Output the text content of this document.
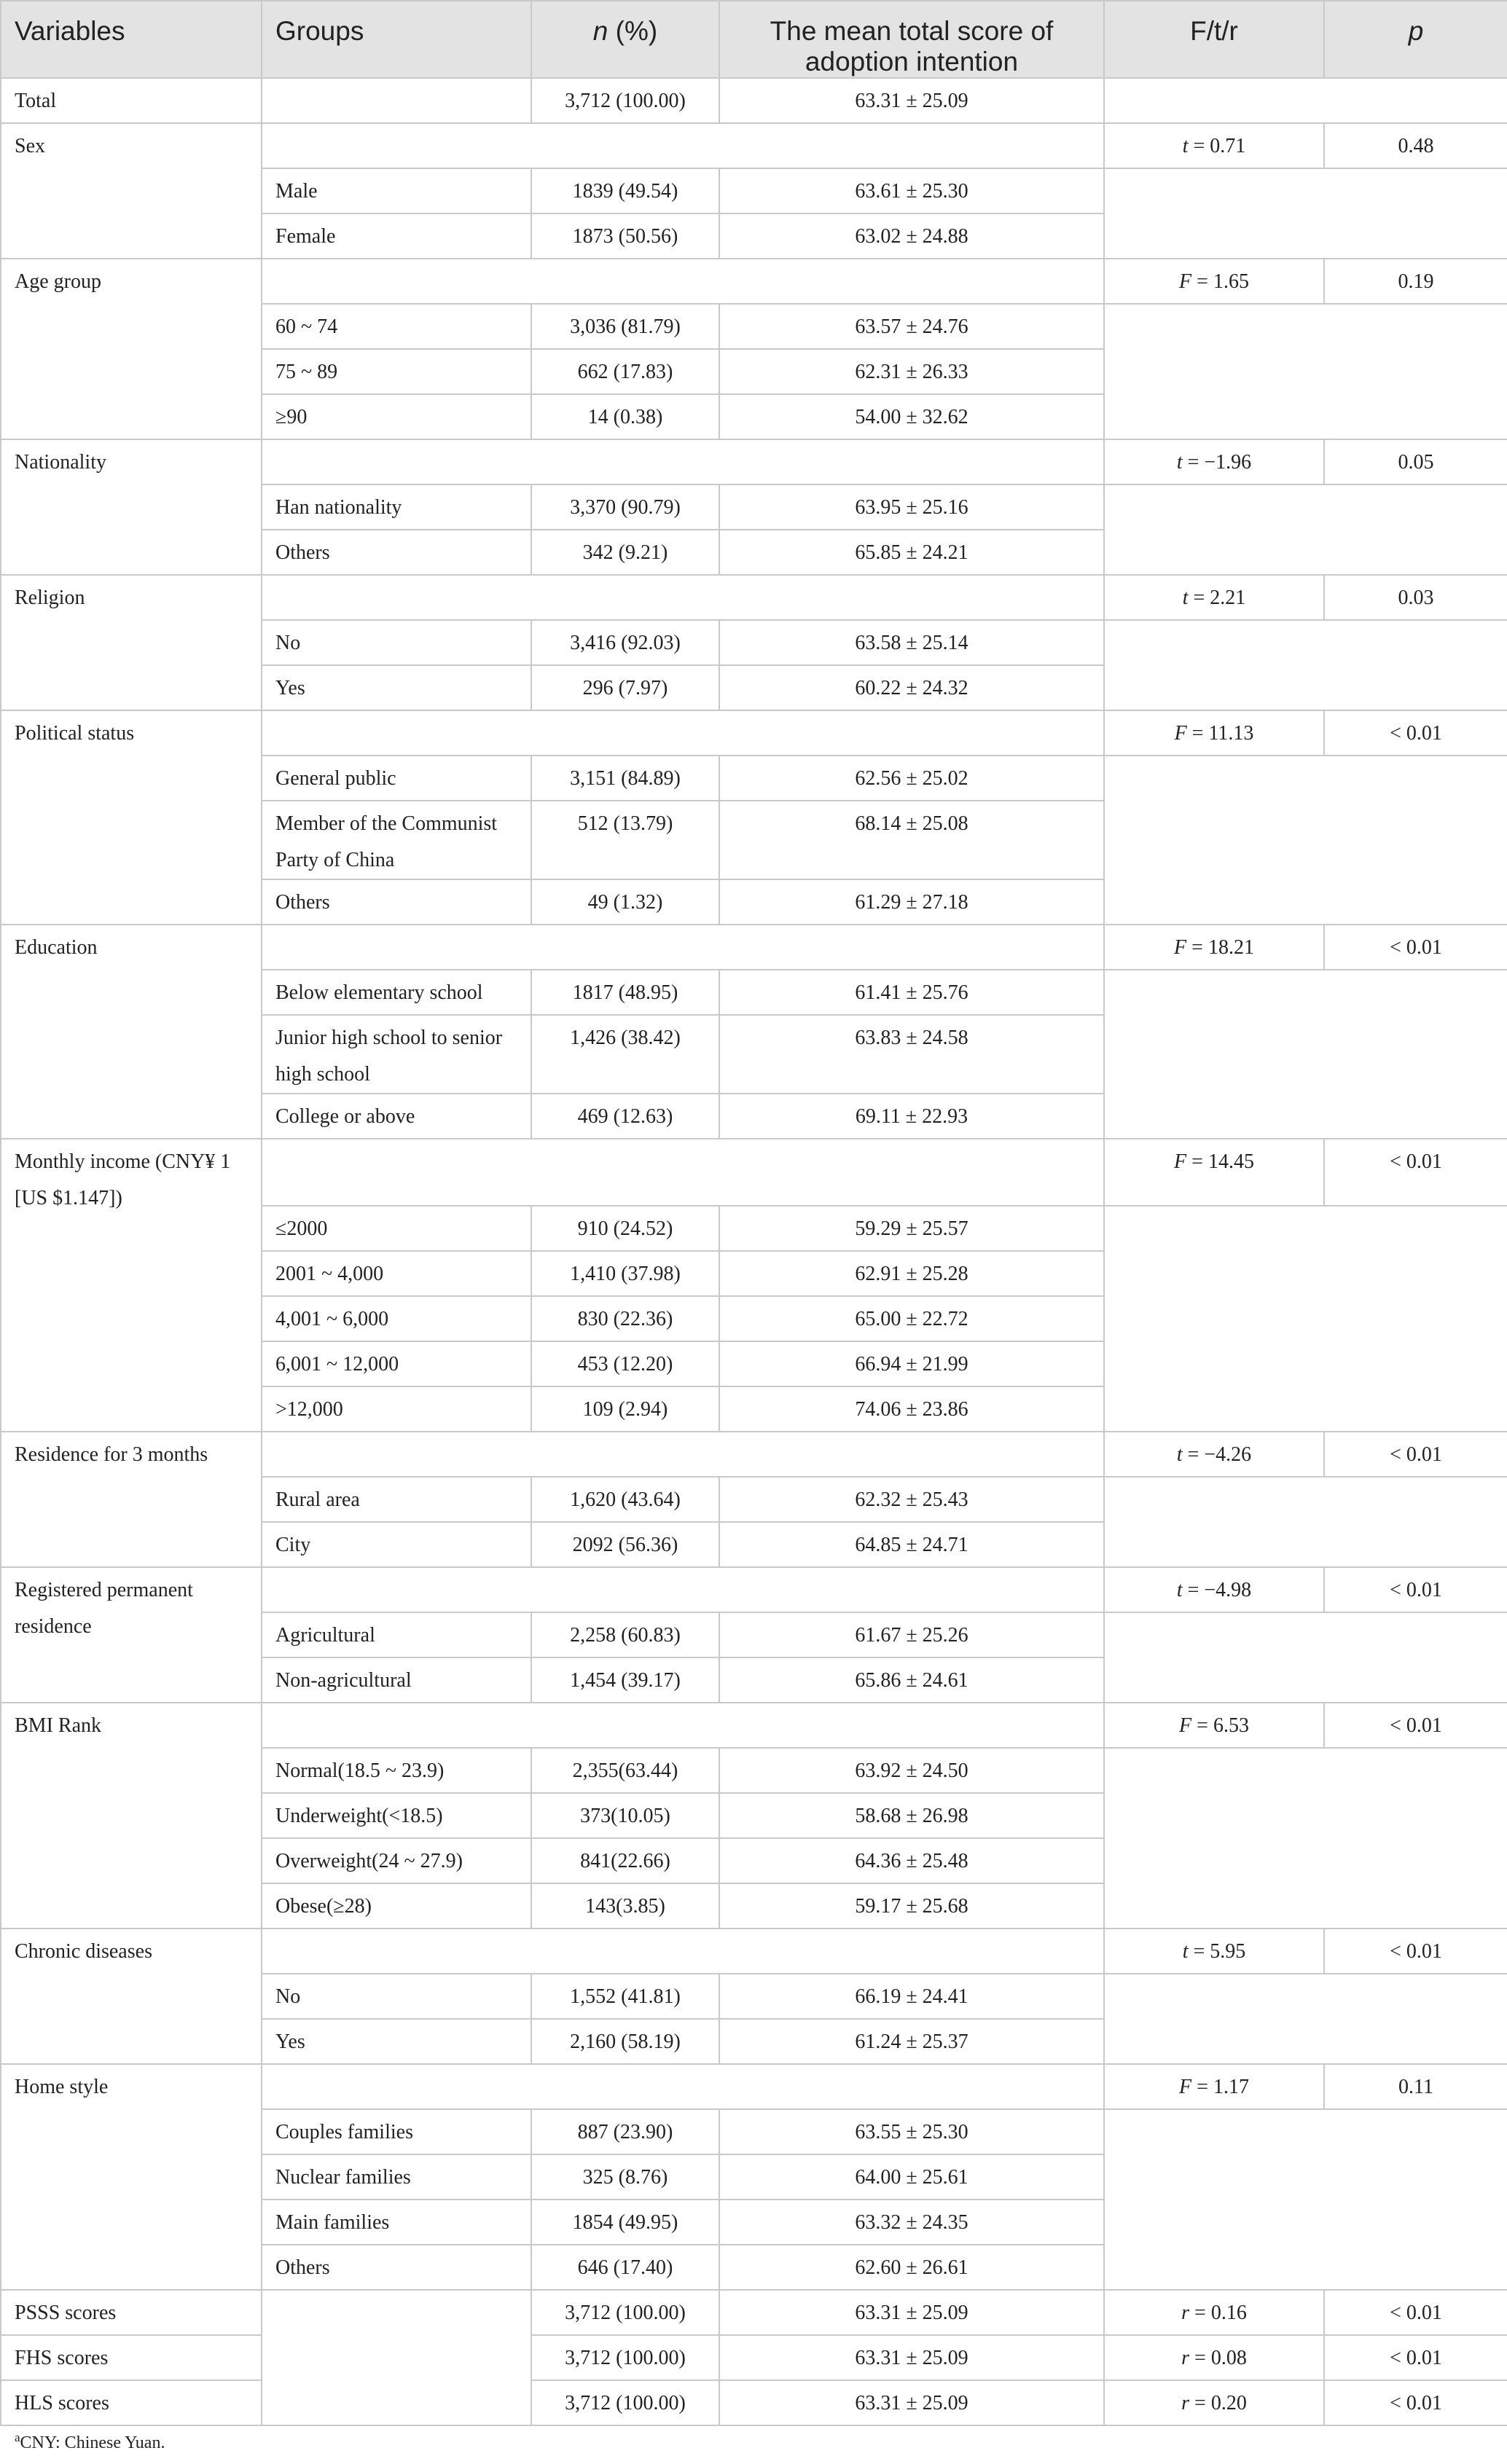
Variables	Groups	n (%)	The mean total score of adoption intention	F/t/r	p
Total		3,712 (100.00)	63.31 ± 25.09		
Sex				t = 0.71	0.48
	Male	1839 (49.54)	63.61 ± 25.30		
	Female	1873 (50.56)	63.02 ± 24.88		
Age group				F = 1.65	0.19
	60 ~ 74	3,036 (81.79)	63.57 ± 24.76		
	75 ~ 89	662 (17.83)	62.31 ± 26.33		
	≥90	14 (0.38)	54.00 ± 32.62		
Nationality				t = −1.96	0.05
	Han nationality	3,370 (90.79)	63.95 ± 25.16		
	Others	342 (9.21)	65.85 ± 24.21		
Religion				t = 2.21	0.03
	No	3,416 (92.03)	63.58 ± 25.14		
	Yes	296 (7.97)	60.22 ± 24.32		
Political status				F = 11.13	< 0.01
	General public	3,151 (84.89)	62.56 ± 25.02		
	Member of the Communist Party of China	512 (13.79)	68.14 ± 25.08		
	Others	49 (1.32)	61.29 ± 27.18		
Education				F = 18.21	< 0.01
	Below elementary school	1817 (48.95)	61.41 ± 25.76		
	Junior high school to senior high school	1,426 (38.42)	63.83 ± 24.58		
	College or above	469 (12.63)	69.11 ± 22.93		
Monthly income (CNY¥ 1 [US $1.147])				F = 14.45	< 0.01
	≤2000	910 (24.52)	59.29 ± 25.57		
	2001 ~ 4,000	1,410 (37.98)	62.91 ± 25.28		
	4,001 ~ 6,000	830 (22.36)	65.00 ± 22.72		
	6,001 ~ 12,000	453 (12.20)	66.94 ± 21.99		
	>12,000	109 (2.94)	74.06 ± 23.86		
Residence for 3 months				t = −4.26	< 0.01
	Rural area	1,620 (43.64)	62.32 ± 25.43		
	City	2092 (56.36)	64.85 ± 24.71		
Registered permanent residence				t = −4.98	< 0.01
	Agricultural	2,258 (60.83)	61.67 ± 25.26		
	Non-agricultural	1,454 (39.17)	65.86 ± 24.61		
BMI Rank				F = 6.53	< 0.01
	Normal(18.5 ~ 23.9)	2,355(63.44)	63.92 ± 24.50		
	Underweight(<18.5)	373(10.05)	58.68 ± 26.98		
	Overweight(24 ~ 27.9)	841(22.66)	64.36 ± 25.48		
	Obese(≥28)	143(3.85)	59.17 ± 25.68		
Chronic diseases				t = 5.95	< 0.01
	No	1,552 (41.81)	66.19 ± 24.41		
	Yes	2,160 (58.19)	61.24 ± 25.37		
Home style				F = 1.17	0.11
	Couples families	887 (23.90)	63.55 ± 25.30		
	Nuclear families	325 (8.76)	64.00 ± 25.61		
	Main families	1854 (49.95)	63.32 ± 24.35		
	Others	646 (17.40)	62.60 ± 26.61		
PSSS scores		3,712 (100.00)	63.31 ± 25.09	r = 0.16	< 0.01
FHS scores		3,712 (100.00)	63.31 ± 25.09	r = 0.08	< 0.01
HLS scores		3,712 (100.00)	63.31 ± 25.09	r = 0.20	< 0.01
$^a$CNY: Chinese Yuan.
